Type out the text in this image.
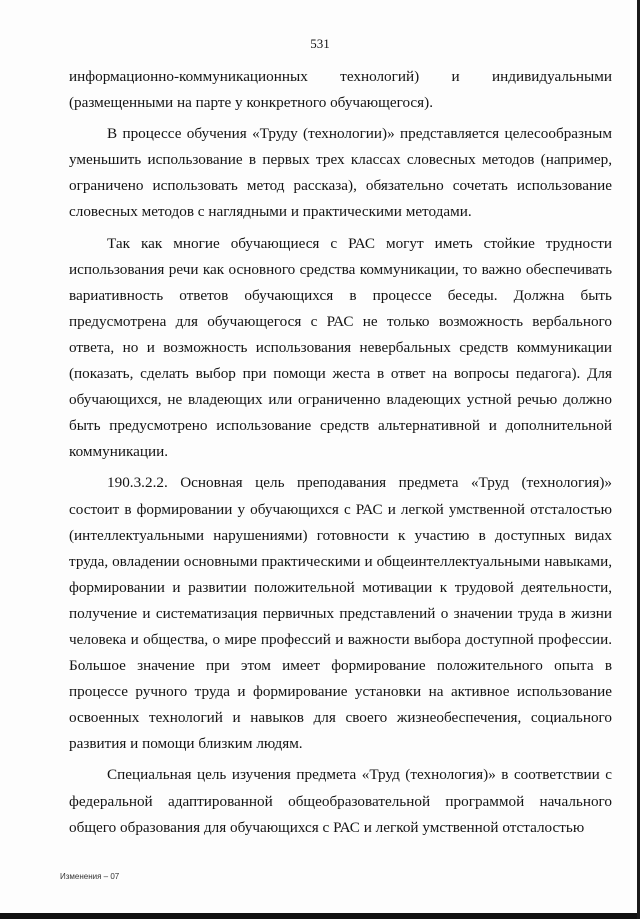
531

информационно-коммуникационных технологий) и индивидуальными (размещенными на парте у конкретного обучающегося).

В процессе обучения «Труду (технологии)» представляется целесообразным уменьшить использование в первых трех классах словесных методов (например, ограничено использовать метод рассказа), обязательно сочетать использование словесных методов с наглядными и практическими методами.

Так как многие обучающиеся с РАС могут иметь стойкие трудности использования речи как основного средства коммуникации, то важно обеспечивать вариативность ответов обучающихся в процессе беседы. Должна быть предусмотрена для обучающегося с РАС не только возможность вербального ответа, но и возможность использования невербальных средств коммуникации (показать, сделать выбор при помощи жеста в ответ на вопросы педагога). Для обучающихся, не владеющих или ограниченно владеющих устной речью должно быть предусмотрено использование средств альтернативной и дополнительной коммуникации.

190.3.2.2. Основная цель преподавания предмета «Труд (технология)» состоит в формировании у обучающихся с РАС и легкой умственной отсталостью (интеллектуальными нарушениями) готовности к участию в доступных видах труда, овладении основными практическими и общеинтеллектуальными навыками, формировании и развитии положительной мотивации к трудовой деятельности, получение и систематизация первичных представлений о значении труда в жизни человека и общества, о мире профессий и важности выбора доступной профессии. Большое значение при этом имеет формирование положительного опыта в процессе ручного труда и формирование установки на активное использование освоенных технологий и навыков для своего жизнеобеспечения, социального развития и помощи близким людям.

Специальная цель изучения предмета «Труд (технология)» в соответствии с федеральной адаптированной общеобразовательной программой начального общего образования для обучающихся с РАС и легкой умственной отсталостью

Изменения – 07
